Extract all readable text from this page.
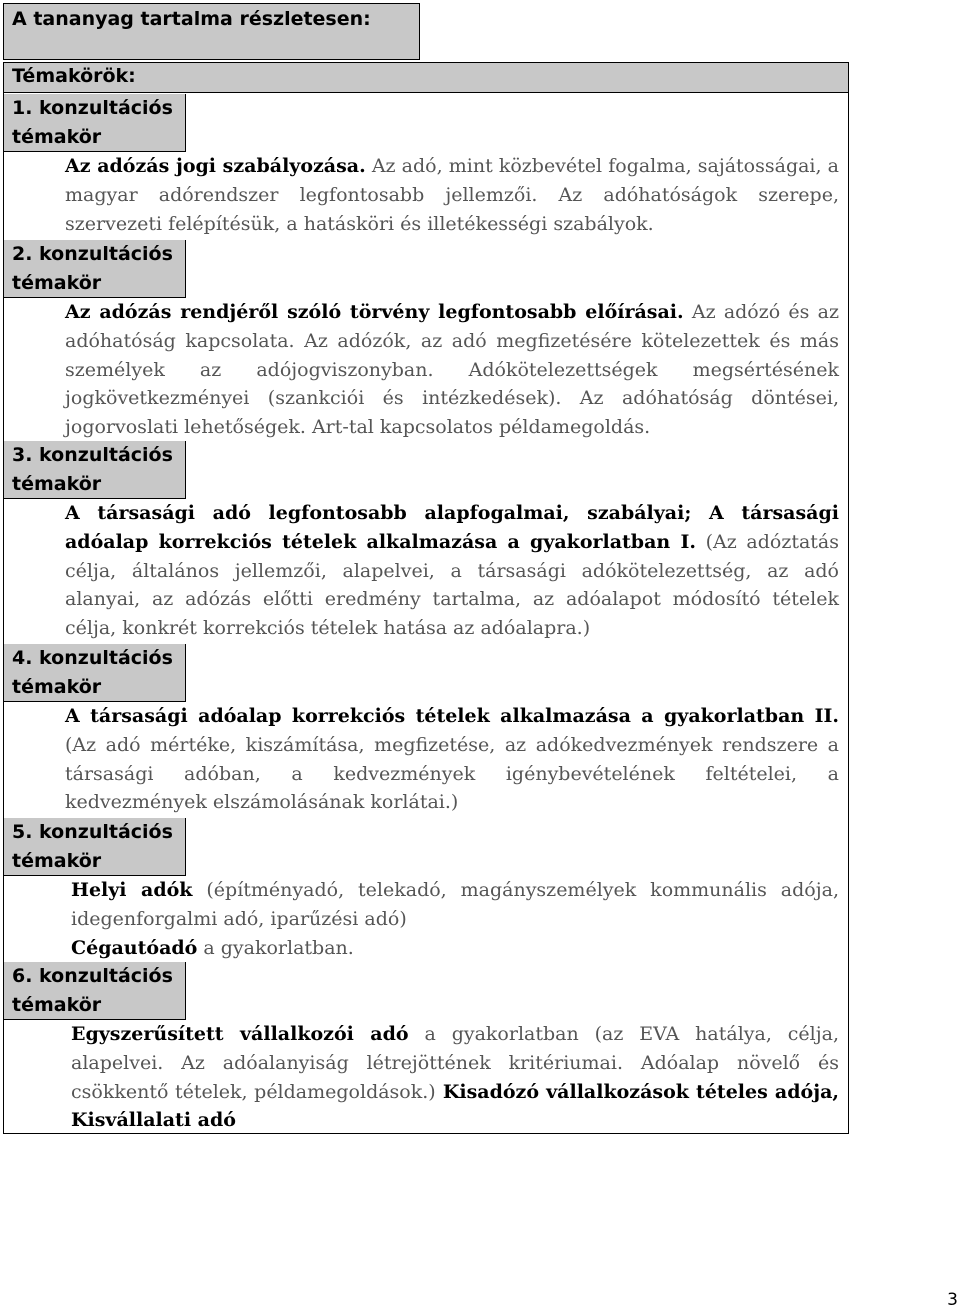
A tananyag tartalma részletesen:
Témakörök:
1. konzultációs
témakör
Az adózás jogi szabályozása. Az adó, mint közbevétel fogalma, sajátosságai, a magyar adórendszer legfontosabb jellemzői. Az adóhatóságok szerepe, szervezeti felépítésük, a hatásköri és illetékességi szabályok.
2. konzultációs
témakör
Az adózás rendjéről szóló törvény legfontosabb előírásai. Az adózó és az adóhatóság kapcsolata. Az adózók, az adó megfizetésére kötelezettek és más személyek az adójogviszonyban. Adókötelezettségek megsértésének jogkövetkezményei (szankciói és intézkedések). Az adóhatóság döntései, jogorvoslati lehetőségek. Art-tal kapcsolatos példamegoldás.
3. konzultációs
témakör
A társasági adó legfontosabb alapfogalmai, szabályai; A társasági adóalap korrekciós tételek alkalmazása a gyakorlatban I. (Az adóztatás célja, általános jellemzői, alapelvei, a társasági adókötelezettség, az adó alanyai, az adózás előtti eredmény tartalma, az adóalapot módosító tételek célja, konkrét korrekciós tételek hatása az adóalapra.)
4. konzultációs
témakör
A társasági adóalap korrekciós tételek alkalmazása a gyakorlatban II. (Az adó mértéke, kiszámítása, megfizetése, az adókedvezmények rendszere a társasági adóban, a kedvezmények igénybevételének feltételei, a kedvezmények elszámolásának korlátai.)
5. konzultációs
témakör
Helyi adók (építményadó, telekadó, magányszemélyek kommunális adója, idegenforgalmi adó, iparűzési adó)
Cégautóadó a gyakorlatban.
6. konzultációs
témakör
Egyszerűsített vállalkozói adó a gyakorlatban (az EVA hatálya, célja, alapelvei. Az adóalanyiság létrejöttének kritériumai. Adóalap növelő és csökkentő tételek, példamegoldások.) Kisadózó vállalkozások tételes adója, Kisvállalati adó
3
